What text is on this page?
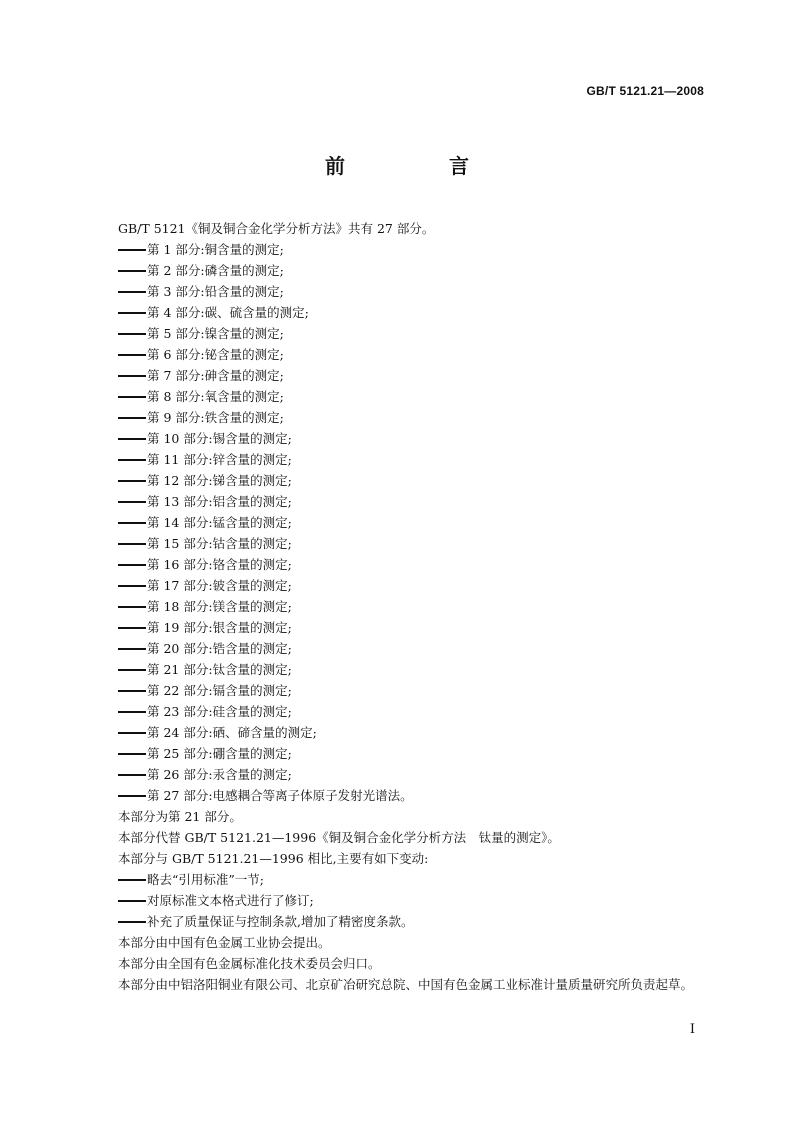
GB/T 5121.21—2008
前　言
GB/T 5121《铜及铜合金化学分析方法》共有 27 部分。
第 1 部分:铜含量的测定;
第 2 部分:磷含量的测定;
第 3 部分:铅含量的测定;
第 4 部分:碳、硫含量的测定;
第 5 部分:镍含量的测定;
第 6 部分:铋含量的测定;
第 7 部分:砷含量的测定;
第 8 部分:氧含量的测定;
第 9 部分:铁含量的测定;
第 10 部分:锡含量的测定;
第 11 部分:锌含量的测定;
第 12 部分:锑含量的测定;
第 13 部分:铝含量的测定;
第 14 部分:锰含量的测定;
第 15 部分:钴含量的测定;
第 16 部分:铬含量的测定;
第 17 部分:铍含量的测定;
第 18 部分:镁含量的测定;
第 19 部分:银含量的测定;
第 20 部分:锆含量的测定;
第 21 部分:钛含量的测定;
第 22 部分:镉含量的测定;
第 23 部分:硅含量的测定;
第 24 部分:硒、碲含量的测定;
第 25 部分:硼含量的测定;
第 26 部分:汞含量的测定;
第 27 部分:电感耦合等离子体原子发射光谱法。
本部分为第 21 部分。
本部分代替 GB/T 5121.21—1996《铜及铜合金化学分析方法　钛量的测定》。
本部分与 GB/T 5121.21—1996 相比,主要有如下变动:
略去“引用标准”一节;
对原标准文本格式进行了修订;
补充了质量保证与控制条款,增加了精密度条款。
本部分由中国有色金属工业协会提出。
本部分由全国有色金属标准化技术委员会归口。
本部分由中铝洛阳铜业有限公司、北京矿冶研究总院、中国有色金属工业标准计量质量研究所负责起草。
I
